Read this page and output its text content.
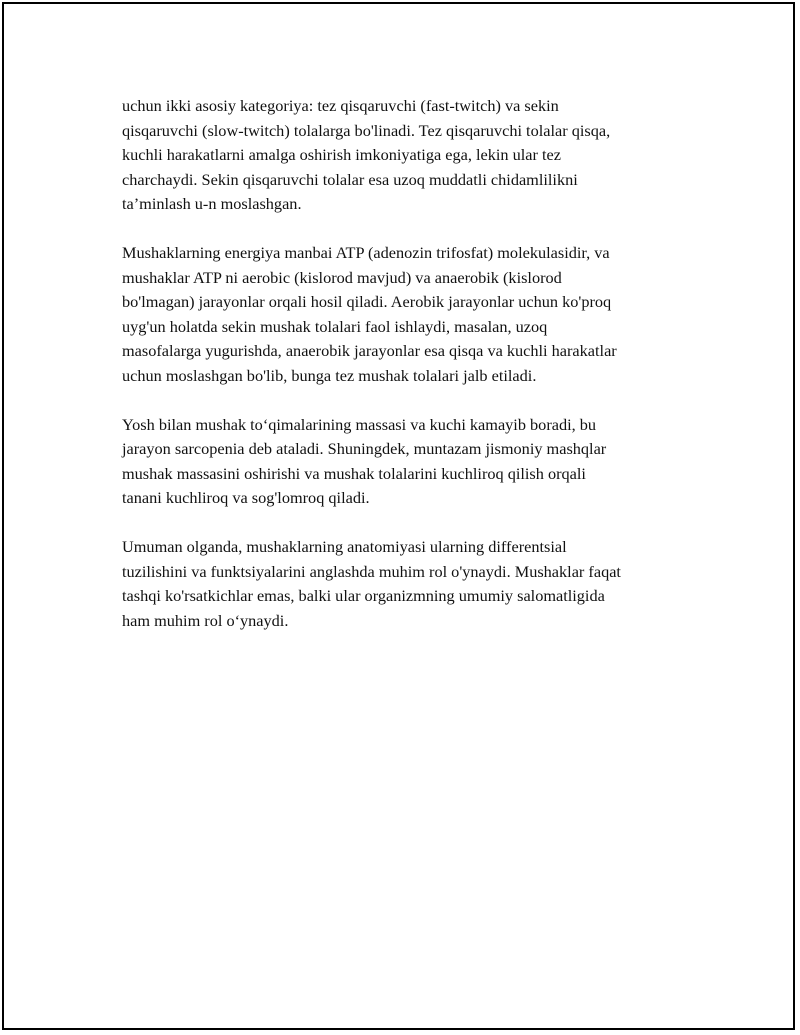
uchun ikki asosiy kategoriya: tez qisqaruvchi (fast-twitch) va sekin
qisqaruvchi (slow-twitch) tolalarga bo'linadi. Tez qisqaruvchi tolalar qisqa,
kuchli harakatlarni amalga oshirish imkoniyatiga ega, lekin ular tez
charchaydi. Sekin qisqaruvchi tolalar esa uzoq muddatli chidamlilikni
ta’minlash u-n moslashgan.

Mushaklarning energiya manbai ATP (adenozin trifosfat) molekulasidir, va
mushaklar ATP ni aerobic (kislorod mavjud) va anaerobik (kislorod
bo'lmagan) jarayonlar orqali hosil qiladi. Aerobik jarayonlar uchun ko'proq
uyg'un holatda sekin mushak tolalari faol ishlaydi, masalan, uzoq
masofalarga yugurishda, anaerobik jarayonlar esa qisqa va kuchli harakatlar
uchun moslashgan bo'lib, bunga tez mushak tolalari jalb etiladi.

Yosh bilan mushak to‘qimalarining massasi va kuchi kamayib boradi, bu
jarayon sarcopenia deb ataladi. Shuningdek, muntazam jismoniy mashqlar
mushak massasini oshirishi va mushak tolalarini kuchliroq qilish orqali
tanani kuchliroq va sog'lomroq qiladi.

Umuman olganda, mushaklarning anatomiyasi ularning differentsial
tuzilishini va funktsiyalarini anglashda muhim rol o'ynaydi. Mushaklar faqat
tashqi ko'rsatkichlar emas, balki ular organizmning umumiy salomatligida
ham muhim rol o‘ynaydi.
